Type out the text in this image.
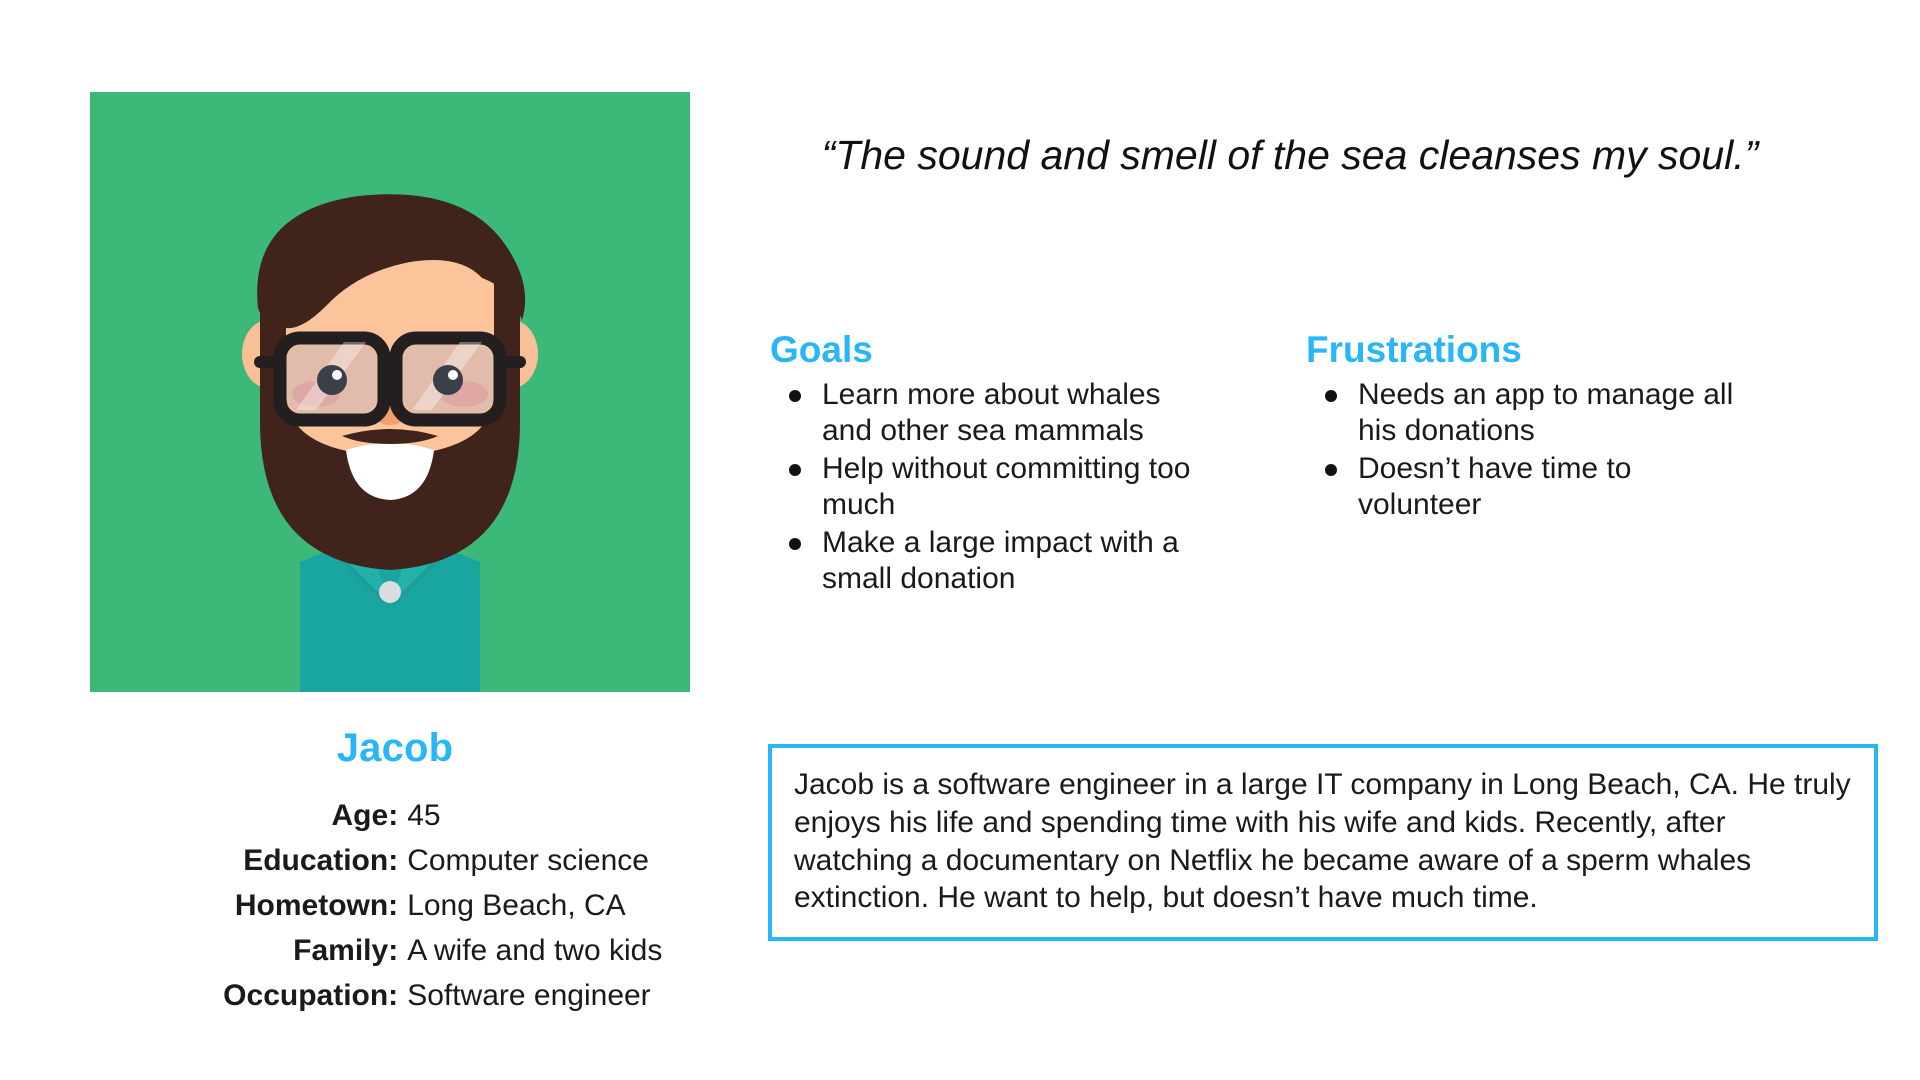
Jacob
Age:	45
Education:	Computer science
Hometown:	Long Beach, CA
Family:	A wife and two kids
Occupation:	Software engineer
“The sound and smell of the sea cleanses my soul.”
Goals
Learn more about whales and other sea mammals
Help without committing too much
Make a large impact with a small donation
Frustrations
Needs an app to manage all his donations
Doesn’t have time to volunteer
Jacob is a software engineer in a large IT company in Long Beach, CA. He truly enjoys his life and spending time with his wife and kids. Recently, after watching a documentary on Netflix he became aware of a sperm whales extinction. He want to help, but doesn’t have much time.
